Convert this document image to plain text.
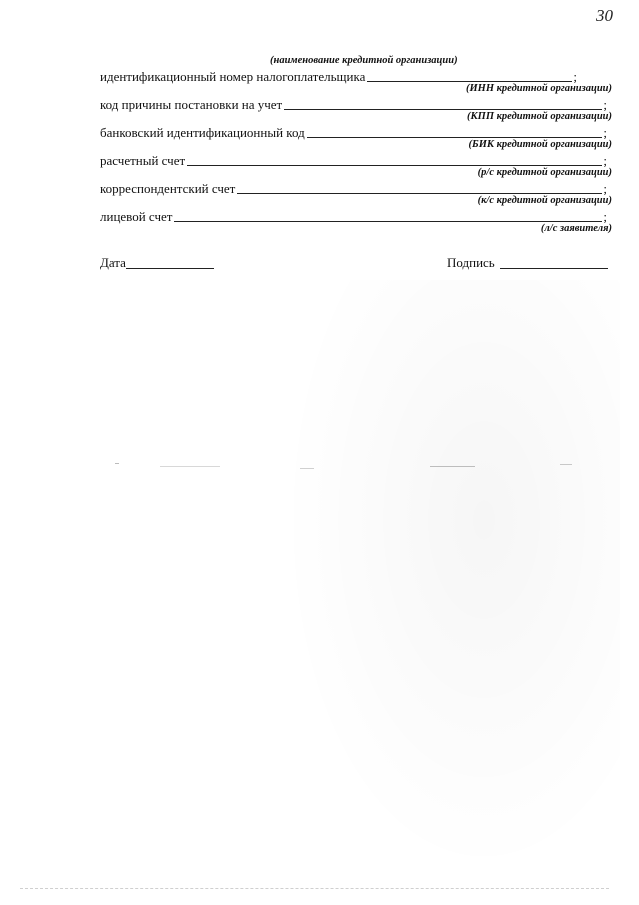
30
(наименование кредитной организации)
идентификационный номер налогоплательщика	;
(ИНН кредитной организации)
код причины постановки на учет	;
(КПП кредитной организации)
банковский идентификационный код	;
(БИК кредитной организации)
расчетный счет	;
(р/с кредитной организации)
корреспондентский счет	;
(к/с кредитной организации)
лицевой счет	;
(л/с заявителя)
Дата	Подпись
